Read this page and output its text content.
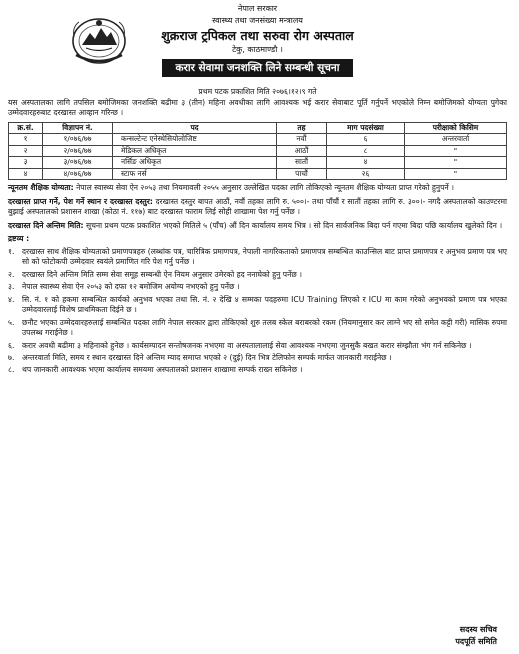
नेपाल सरकार
स्वास्थ्य तथा जनसंख्या मन्त्रालय
शुक्रराज ट्रपिकल तथा सरुवा रोग अस्पताल
टेकु, काठमाण्डौ ।
करार सेवामा जनशक्ति लिने सम्बन्धी सूचना
प्रथम पटक प्रकाशित मिति २०७६।१२।९ गते

यस अस्पतालका लागि तपसिल बमोजिमका जनशक्ति बढीमा ३ (तीन) महिना अवधीका लागि आवश्यक भई करार सेवाबाट पूर्ति गर्नुपर्ने भएकोले निम्न बमोजिमको योग्यता पुगेका उम्मेदवारहरुबाट दरखास्त आव्हान गरिन्छ ।

क्र.सं.	विज्ञापन नं.	पद	तह	माग पदसंख्या	परीक्षाको किसिम
१	१/०७६/७७	कन्सल्टेन्ट एनेस्थेसियोलोजिष्ट	नवौं	६	अन्तरवार्ता
२	२/०७६/७७	मेडिकल अधिकृत	आठौं	८	"
३	३/०७६/७७	नर्सिङ अधिकृत	सातौं	४	"
४	४/०७६/७७	स्टाफ नर्स	पाचौं	२६	"

न्यूनतम शैक्षिक योग्यता: नेपाल स्वास्थ्य सेवा ऐन २०५३ तथा नियमावली २०५५ अनुसार उल्लेखित पदका लागि तोकिएको न्यूनतम शैक्षिक योग्यता प्राप्त गरेको हुनुपर्ने ।

दरखास्त प्राप्त गर्ने, पेश गर्ने स्थान र दरखास्त दस्तुर: दरखास्त दस्तुर बापत आठौं, नवौं तहका लागि रु. ५००।- तथा पाँचौं र सातौं तहका लागि रु. ३००।- नगदै अस्पतालको काउण्टरमा बुझाई अस्पतालको प्रशासन शाखा (कोठा नं. ११७) बाट दरखास्त फाराम लिई सोही शाखामा पेश गर्नु पर्नेछ ।

दरखास्त दिने अन्तिम मिति: सूचना प्रथम पटक प्रकाशित भएको मितिले ५ (पाँच) औं दिन कार्यालय समय भित्र । सो दिन सार्वजनिक बिदा पर्न गएमा बिदा पछि कार्यालय खुलेको दिन ।

द्रष्टव्य :
१.	दरखास्त साथ शैक्षिक योग्यताको प्रमाणपत्रहरु (लब्धांक पत्र, चारित्रिक प्रमाणपत्र, नेपाली नागरिकताको प्रमाणपत्र सम्बन्धित काउन्सिल बाट प्राप्त प्रमाणपत्र र अनुभव प्रमाण पत्र भए सो को फोटोकपी उम्मेदवार स्वयंले प्रमाणित गरि पेश गर्नु पर्नेछ ।
२.	दरखास्त दिने अन्तिम मिति सम्म सेवा समूह सम्बन्धी ऐन नियम अनुसार उमेरको हद ननाघेको हुनु पर्नेछ ।
३.	नेपाल स्वास्थ्य सेवा ऐन २०५३ को दफा १२ बमोजिम अयोग्य नभएको हुनु पर्नेछ ।
४.	सि. नं. १ को हकमा सम्बन्धित कार्यको अनुभव भएका तथा सि. नं. २ देखि ४ सम्मका पदहरुमा ICU Training लिएको र ICU मा काम गरेको अनुभवको प्रमाण पत्र भएका उम्मेदवारलाई विशेष प्राथमिकता दिईने छ ।
५.	छनौट भएका उम्मेदवारहरुलाई सम्बन्धित पदका लागि नेपाल सरकार द्वारा तोकिएको शुरु तलब स्केल बराबरको रकम (नियमानुसार कर लाग्ने भए सो समेत कट्टी गरी) मासिक रुपमा उपलब्ध गराईनेछ ।
६.	करार अवधी बढीमा ३ महिनाको हुनेछ । कार्यसम्पादन सन्तोषजनक नभएमा वा अस्पतालालाई सेवा आवश्यक नभएमा जुनसुकै बखत करार संम्झौता भंग गर्न सकिनेछ ।
७.	अन्तरवार्ता मिति, समय र स्थान दरखास्त दिने अन्तिम म्याद समाप्त भएको २ (दुई) दिन भित्र टेलिफोन सम्पर्क मार्फत जानकारी गराईनेछ ।
८.	थप जानकारी आवश्यक भएमा कार्यालय समयमा अस्पतालको प्रशासन शाखामा सम्पर्क राख्न सकिनेछ ।
सदस्य सचिव
पदपूर्ति समिति
